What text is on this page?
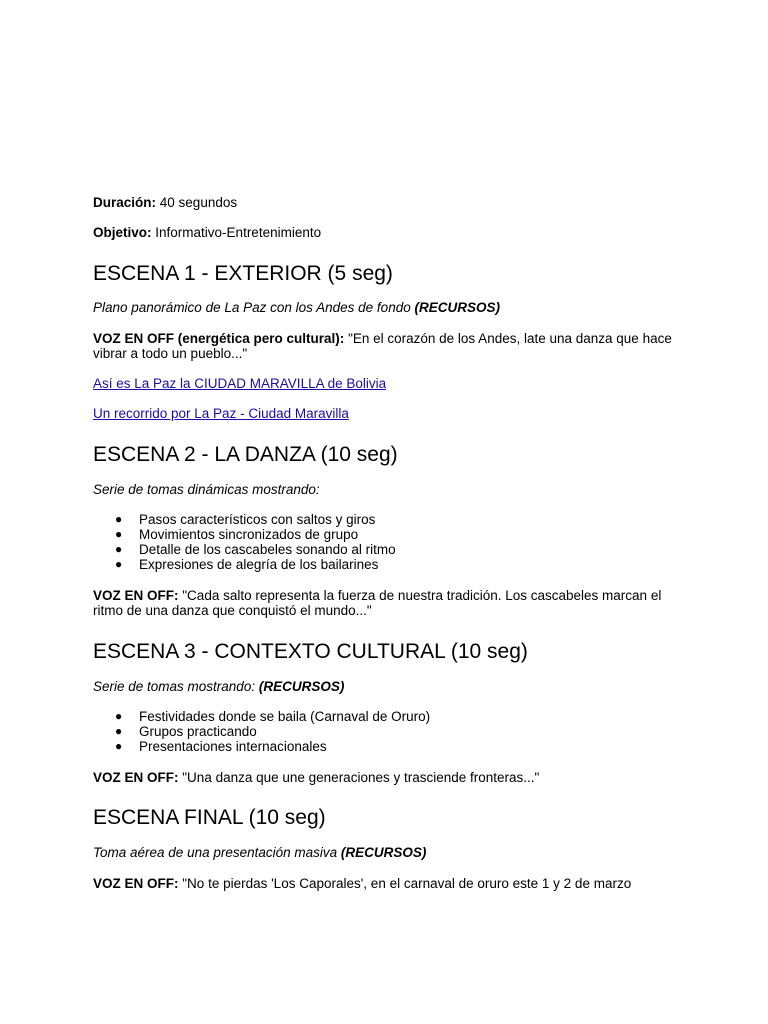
Duración: 40 segundos
Objetivo: Informativo-Entretenimiento
ESCENA 1 - EXTERIOR (5 seg)
Plano panorámico de La Paz con los Andes de fondo (RECURSOS)
VOZ EN OFF (energética pero cultural): "En el corazón de los Andes, late una danza que hace vibrar a todo un pueblo..."
Así es La Paz la CIUDAD MARAVILLA de Bolivia
Un recorrido por La Paz - Ciudad Maravilla
ESCENA 2 - LA DANZA (10 seg)
Serie de tomas dinámicas mostrando:
● Pasos característicos con saltos y giros
● Movimientos sincronizados de grupo
● Detalle de los cascabeles sonando al ritmo
● Expresiones de alegría de los bailarines
VOZ EN OFF: "Cada salto representa la fuerza de nuestra tradición. Los cascabeles marcan el ritmo de una danza que conquistó el mundo..."
ESCENA 3 - CONTEXTO CULTURAL (10 seg)
Serie de tomas mostrando: (RECURSOS)
● Festividades donde se baila (Carnaval de Oruro)
● Grupos practicando
● Presentaciones internacionales
VOZ EN OFF: "Una danza que une generaciones y trasciende fronteras..."
ESCENA FINAL (10 seg)
Toma aérea de una presentación masiva (RECURSOS)
VOZ EN OFF: "No te pierdas 'Los Caporales', en el carnaval de oruro este 1 y 2 de marzo
